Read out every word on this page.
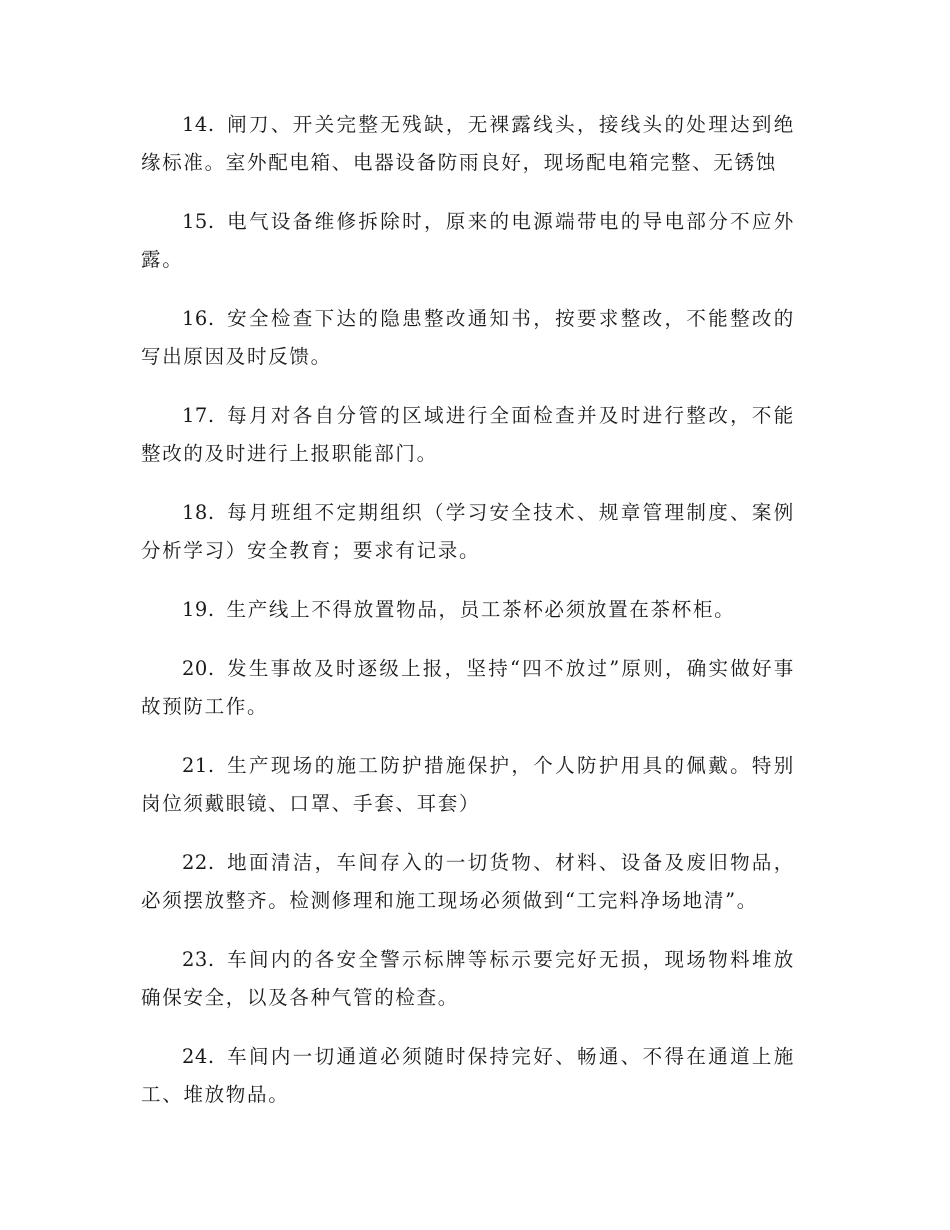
14. 闸刀、开关完整无残缺，无裸露线头，接线头的处理达到绝缘标准。室外配电箱、电器设备防雨良好，现场配电箱完整、无锈蚀

15. 电气设备维修拆除时，原来的电源端带电的导电部分不应外露。

16. 安全检查下达的隐患整改通知书，按要求整改，不能整改的写出原因及时反馈。

17. 每月对各自分管的区域进行全面检查并及时进行整改，不能整改的及时进行上报职能部门。

18. 每月班组不定期组织（学习安全技术、规章管理制度、案例分析学习）安全教育；要求有记录。

19. 生产线上不得放置物品，员工茶杯必须放置在茶杯柜。

20. 发生事故及时逐级上报，坚持“四不放过”原则，确实做好事故预防工作。

21. 生产现场的施工防护措施保护，个人防护用具的佩戴。特别岗位须戴眼镜、口罩、手套、耳套）

22. 地面清洁，车间存入的一切货物、材料、设备及废旧物品，必须摆放整齐。检测修理和施工现场必须做到“工完料净场地清”。

23. 车间内的各安全警示标牌等标示要完好无损，现场物料堆放确保安全，以及各种气管的检查。

24. 车间内一切通道必须随时保持完好、畅通、不得在通道上施工、堆放物品。
